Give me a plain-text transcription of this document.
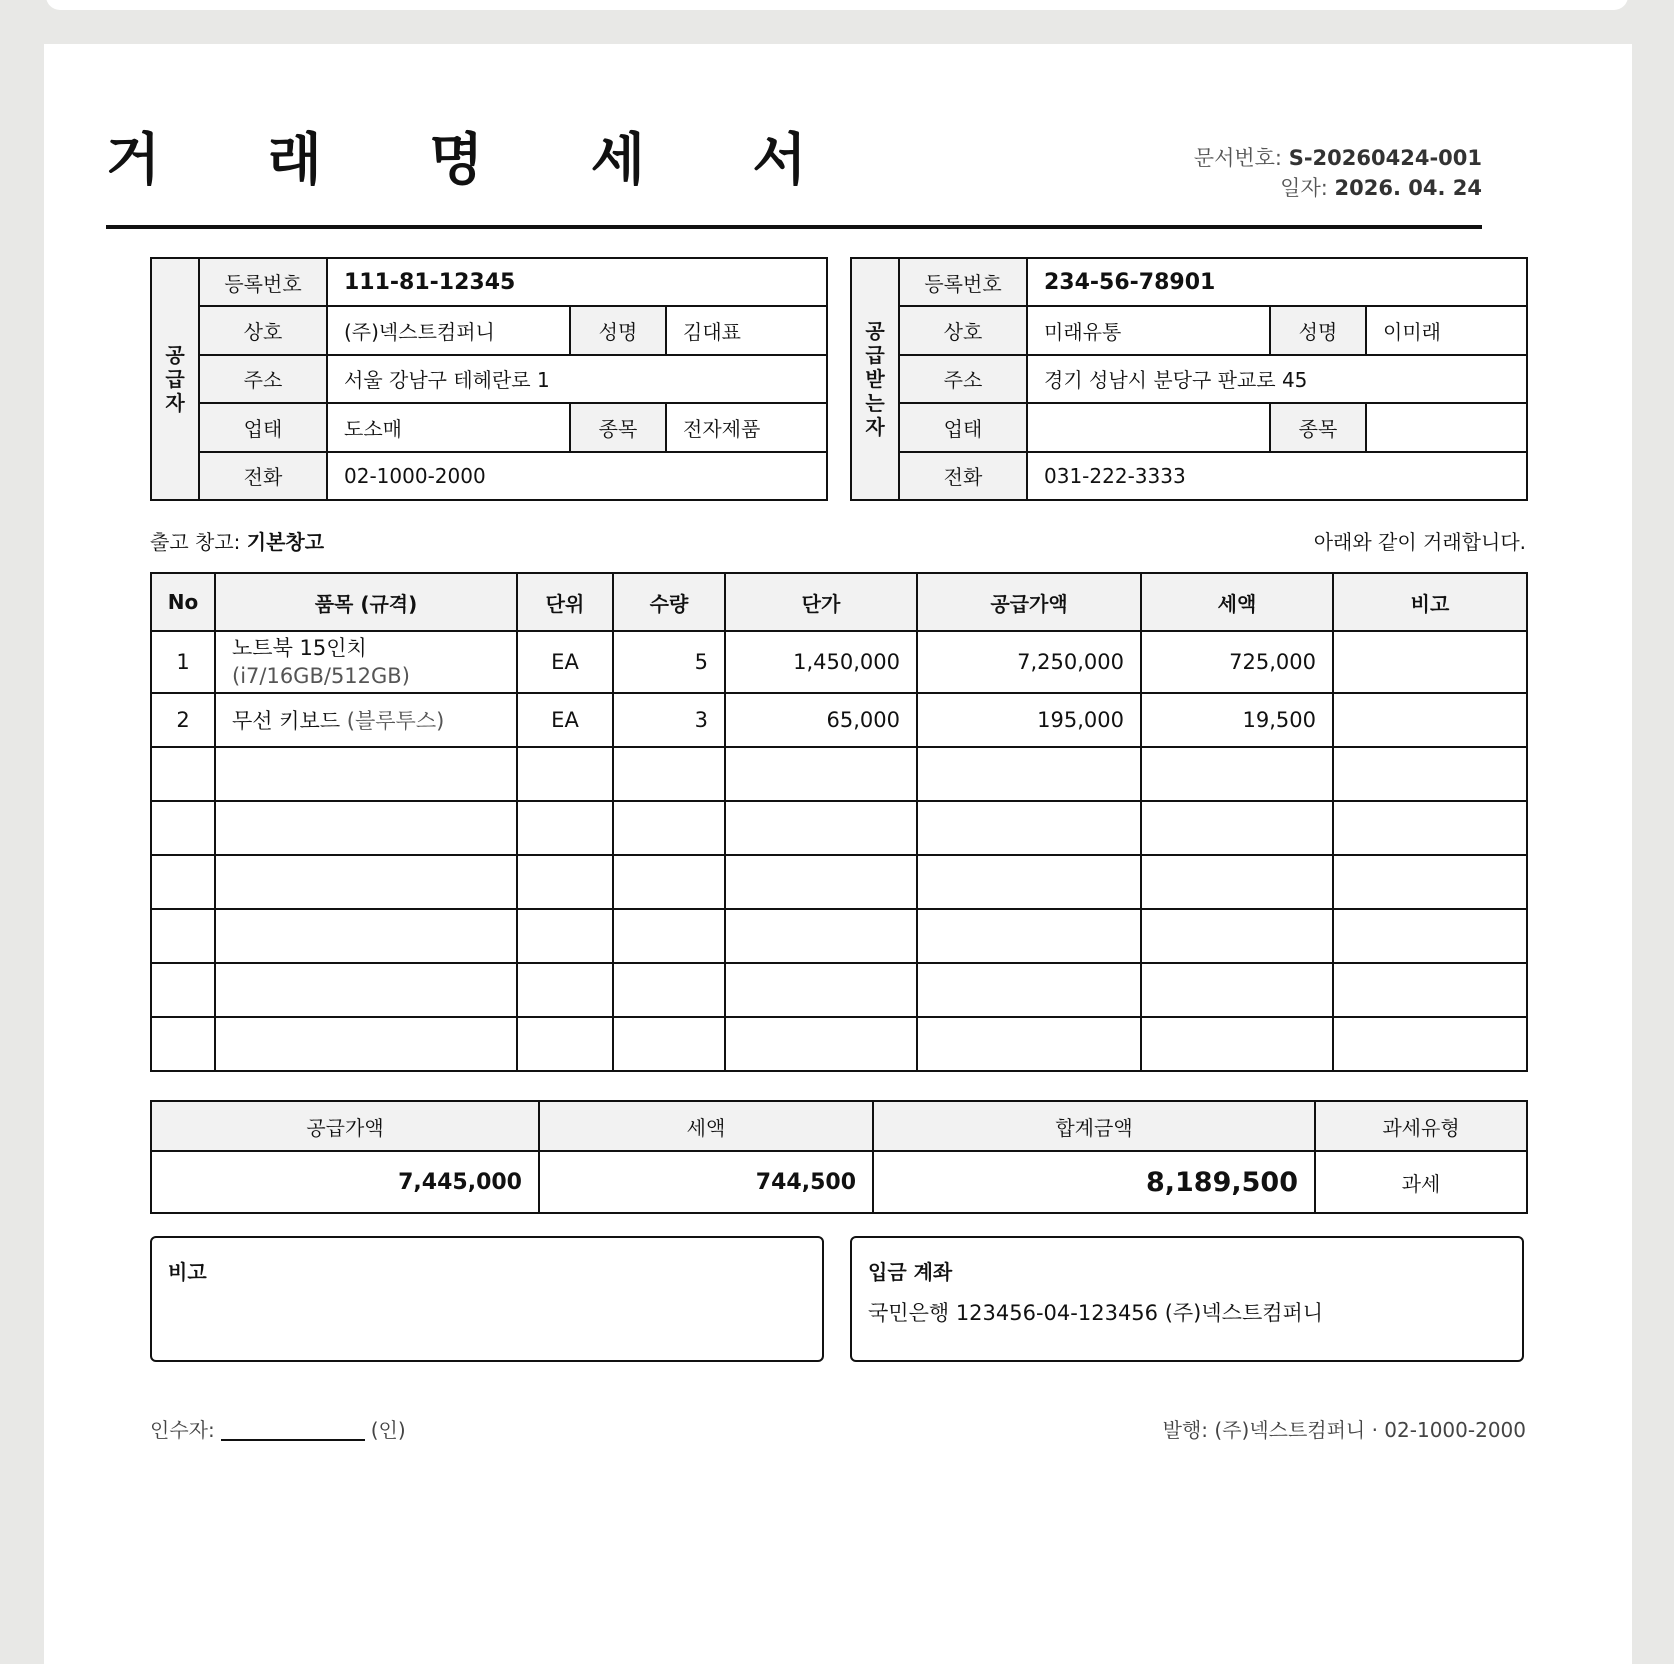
거 래 명 세 서	문서번호: S-20260424-001
일자: 2026. 04. 24
공
급
자	등록번호	111-81-12345		
	상호	(주)넥스트컴퍼니	성명	김대표
	주소	서울 강남구 테헤란로 1		
	업태	도소매	종목	전자제품
	전화	02-1000-2000		
공
급
받
는
자	등록번호	234-56-78901		
	상호	미래유통	성명	이미래
	주소	경기 성남시 분당구 판교로 45		
	업태		종목	
	전화	031-222-3333		
출고 창고: 기본창고	아래와 같이 거래합니다.
No	품목 (규격)	단위	수량	단가	공급가액	세액	비고
1	노트북 15인치
(i7/16GB/512GB)	EA	5	1,450,000	7,250,000	725,000	
2	무선 키보드 (블루투스)	EA	3	65,000	195,000	19,500	

공급가액	세액	합계금액	과세유형
7,445,000	744,500	8,189,500	과세
비고	입금 계좌

국민은행 123456-04-123456 (주)넥스트컴퍼니

인수자:	(인)	발행: (주)넥스트컴퍼니 · 02-1000-2000
